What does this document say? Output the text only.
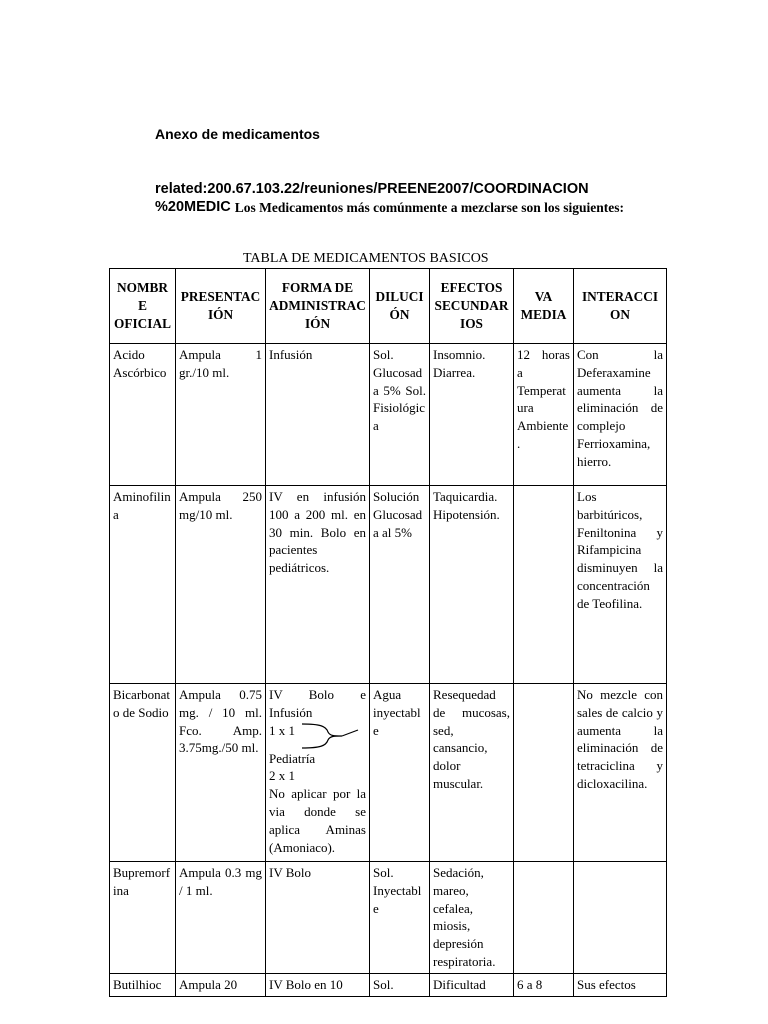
Anexo de medicamentos
related:200.67.103.22/reuniones/PREENE2007/COORDINACION %20MEDIC Los Medicamentos más comúnmente a mezclarse son los siguientes:
TABLA DE MEDICAMENTOS BASICOS
NOMBRE OFICIAL	PRESENTACIÓN	FORMA DE ADMINISTRACIÓN	DILUCIÓN	EFECTOS SECUNDARIOS	VA MEDIA	INTERACCION
Acido Ascórbico	Ampula 1 gr./10 ml.	Infusión	Sol. Glucosada 5% Sol. Fisiológica	Insomnio. Diarrea.	12 horas a Temperatura Ambiente.	Con la Deferaxamine aumenta la eliminación de complejo Ferrioxamina, hierro.
Aminofilina	Ampula 250 mg/10 ml.	IV en infusión 100 a 200 ml. en 30 min. Bolo en pacientes pediátricos.	Solución Glucosada al 5%	Taquicardia. Hipotensión.		Los barbitúricos, Feniltonina y Rifampicina disminuyen la concentración de Teofilina.
Bicarbonato de Sodio	Ampula 0.75 mg. / 10 ml. Fco. Amp. 3.75mg./50 ml.	IV Bolo e Infusión
1 x 1
Pediatría
2 x 1
No aplicar por la via donde se aplica Aminas (Amoniaco).	Agua inyectable	Resequedad de mucosas, sed, cansancio, dolor muscular.		No mezcle con sales de calcio y aumenta la eliminación de tetraciclina y dicloxacilina.
Bupremorfina	Ampula 0.3 mg / 1 ml.	IV Bolo	Sol. Inyectable	Sedación, mareo, cefalea, miosis, depresión respiratoria.		
Butilhioc	Ampula 20	IV Bolo en 10	Sol.	Dificultad	6 a 8	Sus efectos
